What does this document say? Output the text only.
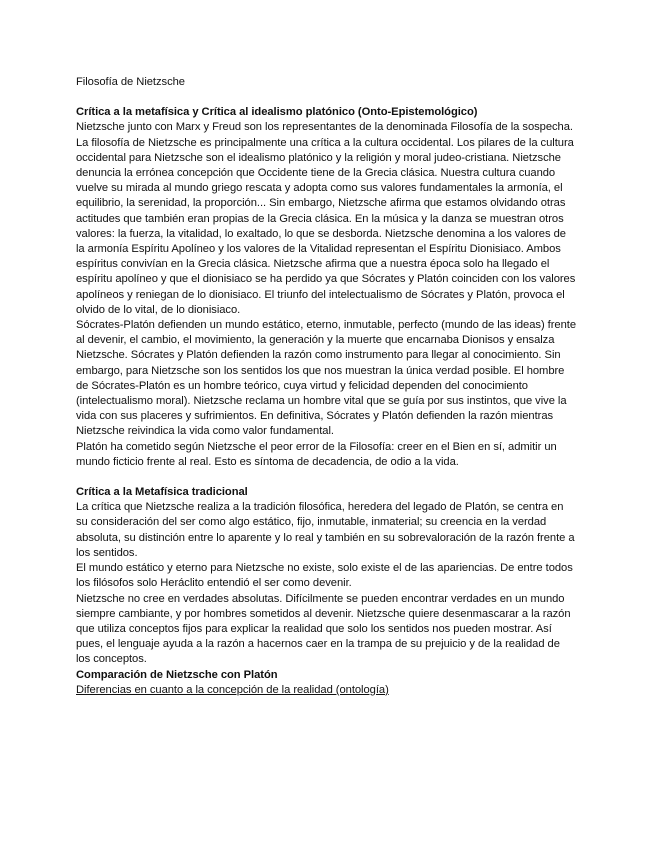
Filosofía de Nietzsche

Crítica a la metafísica y Crítica al idealismo platónico (Onto-Epistemológico)

Nietzsche junto con Marx y Freud son los representantes de la denominada Filosofía de la sospecha.

La filosofía de Nietzsche es principalmente una crítica a la cultura occidental. Los pilares de la cultura occidental para Nietzsche son el idealismo platónico y la religión y moral judeo-cristiana. Nietzsche denuncia la errónea concepción que Occidente tiene de la Grecia clásica. Nuestra cultura cuando vuelve su mirada al mundo griego rescata y adopta como sus valores fundamentales la armonía, el equilibrio, la serenidad, la proporción... Sin embargo, Nietzsche afirma que estamos olvidando otras actitudes que también eran propias de la Grecia clásica. En la música y la danza se muestran otros valores: la fuerza, la vitalidad, lo exaltado, lo que se desborda. Nietzsche denomina a los valores de la armonía Espíritu Apolíneo y los valores de la Vitalidad representan el Espíritu Dionisiaco. Ambos espíritus convivían en la Grecia clásica. Nietzsche afirma que a nuestra época solo ha llegado el espíritu apolíneo y que el dionisiaco se ha perdido ya que Sócrates y Platón coinciden con los valores apolíneos y reniegan de lo dionisiaco. El triunfo del intelectualismo de Sócrates y Platón, provoca el olvido de lo vital, de lo dionisiaco.

Sócrates-Platón defienden un mundo estático, eterno, inmutable, perfecto (mundo de las ideas) frente al devenir, el cambio, el movimiento, la generación y la muerte que encarnaba Dionisos y ensalza Nietzsche. Sócrates y Platón defienden la razón como instrumento para llegar al conocimiento. Sin embargo, para Nietzsche son los sentidos los que nos muestran la única verdad posible. El hombre de Sócrates-Platón es un hombre teórico, cuya virtud y felicidad dependen del conocimiento (intelectualismo moral). Nietzsche reclama un hombre vital que se guía por sus instintos, que vive la vida con sus placeres y sufrimientos. En definitiva, Sócrates y Platón defienden la razón mientras Nietzsche reivindica la vida como valor fundamental.

Platón ha cometido según Nietzsche el peor error de la Filosofía: creer en el Bien en sí, admitir un mundo ficticio frente al real. Esto es síntoma de decadencia, de odio a la vida.

Crítica a la Metafísica tradicional

La crítica que Nietzsche realiza a la tradición filosófica, heredera del legado de Platón, se centra en su consideración del ser como algo estático, fijo, inmutable, inmaterial; su creencia en la verdad absoluta, su distinción entre lo aparente y lo real y también en su sobrevaloración de la razón frente a los sentidos.

El mundo estático y eterno para Nietzsche no existe, solo existe el de las apariencias. De entre todos los filósofos solo Heráclito entendió el ser como devenir.

Nietzsche no cree en verdades absolutas. Difícilmente se pueden encontrar verdades en un mundo siempre cambiante, y por hombres sometidos al devenir. Nietzsche quiere desenmascarar a la razón que utiliza conceptos fijos para explicar la realidad que solo los sentidos nos pueden mostrar. Así pues, el lenguaje ayuda a la razón a hacernos caer en la trampa de su prejuicio y de la realidad de los conceptos.

Comparación de Nietzsche con Platón

Diferencias en cuanto a la concepción de la realidad (ontología)
